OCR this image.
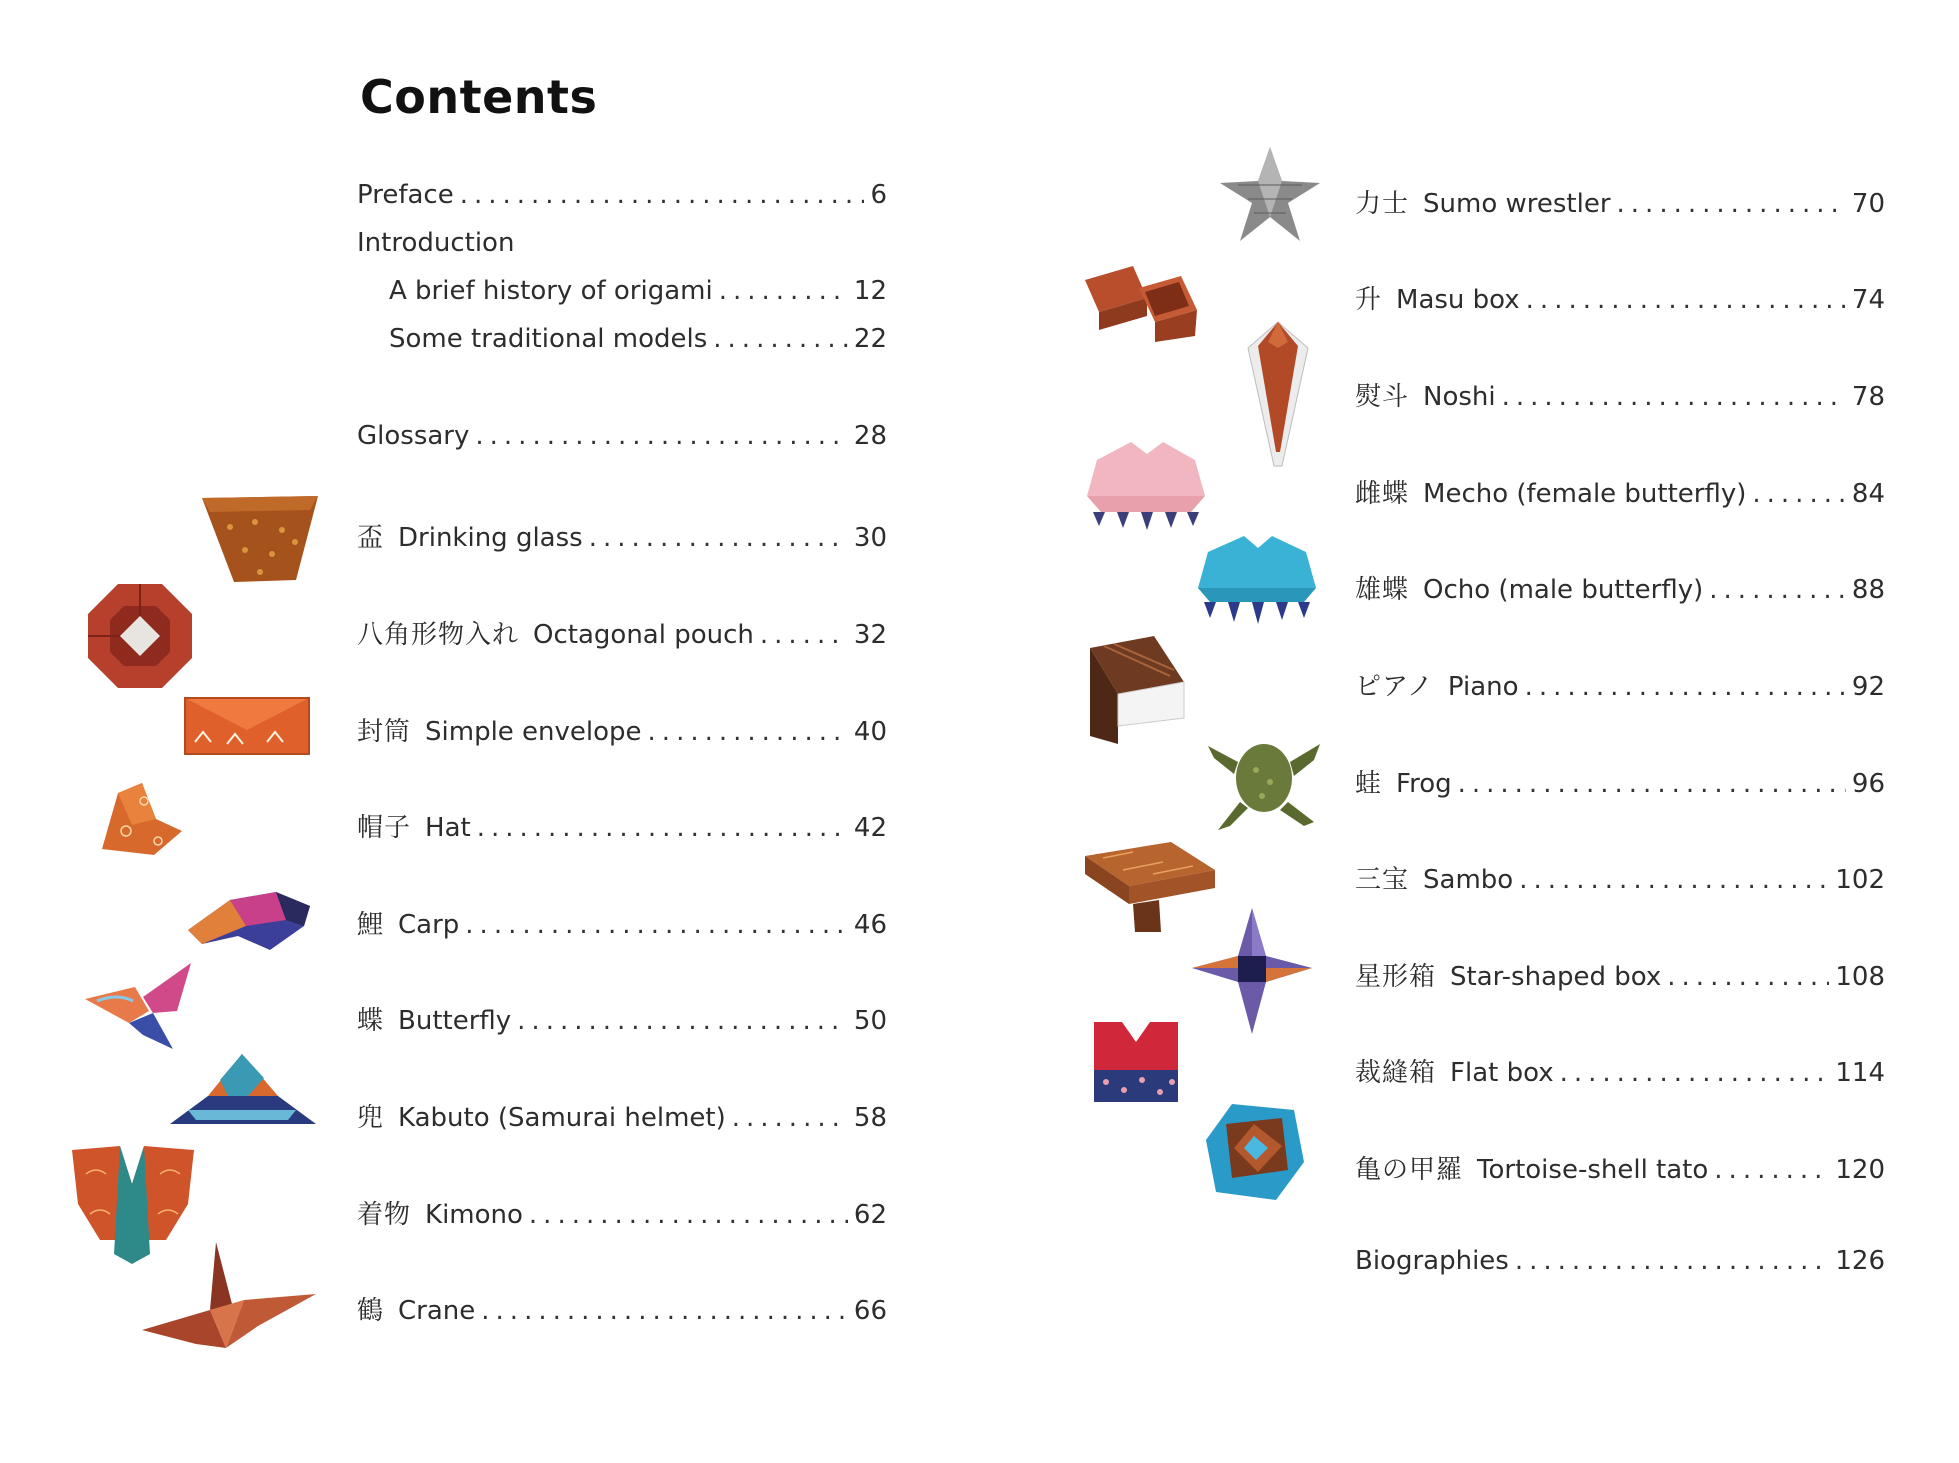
Contents
Preface .....	6
Introduction
A brief history of origami .....	12
Some traditional models .....	22
Glossary .....	28
盃 Drinking glass .....	30
八角形物入れ Octagonal pouch .....	32
封筒 Simple envelope .....	40
帽子 Hat .....	42
鯉 Carp .....	46
蝶 Butterfly .....	50
兜 Kabuto (Samurai helmet) .....	58
着物 Kimono .....	62
鶴 Crane .....	66
力士 Sumo wrestler .....	70
升 Masu box .....	74
熨斗 Noshi .....	78
雌蝶 Mecho (female butterfly) .....	84
雄蝶 Ocho (male butterfly) .....	88
ピアノ Piano .....	92
蛙 Frog .....	96
三宝 Sambo .....	102
星形箱 Star-shaped box .....	108
裁縫箱 Flat box .....	114
亀の甲羅 Tortoise-shell tato .....	120
Biographies .....	126
